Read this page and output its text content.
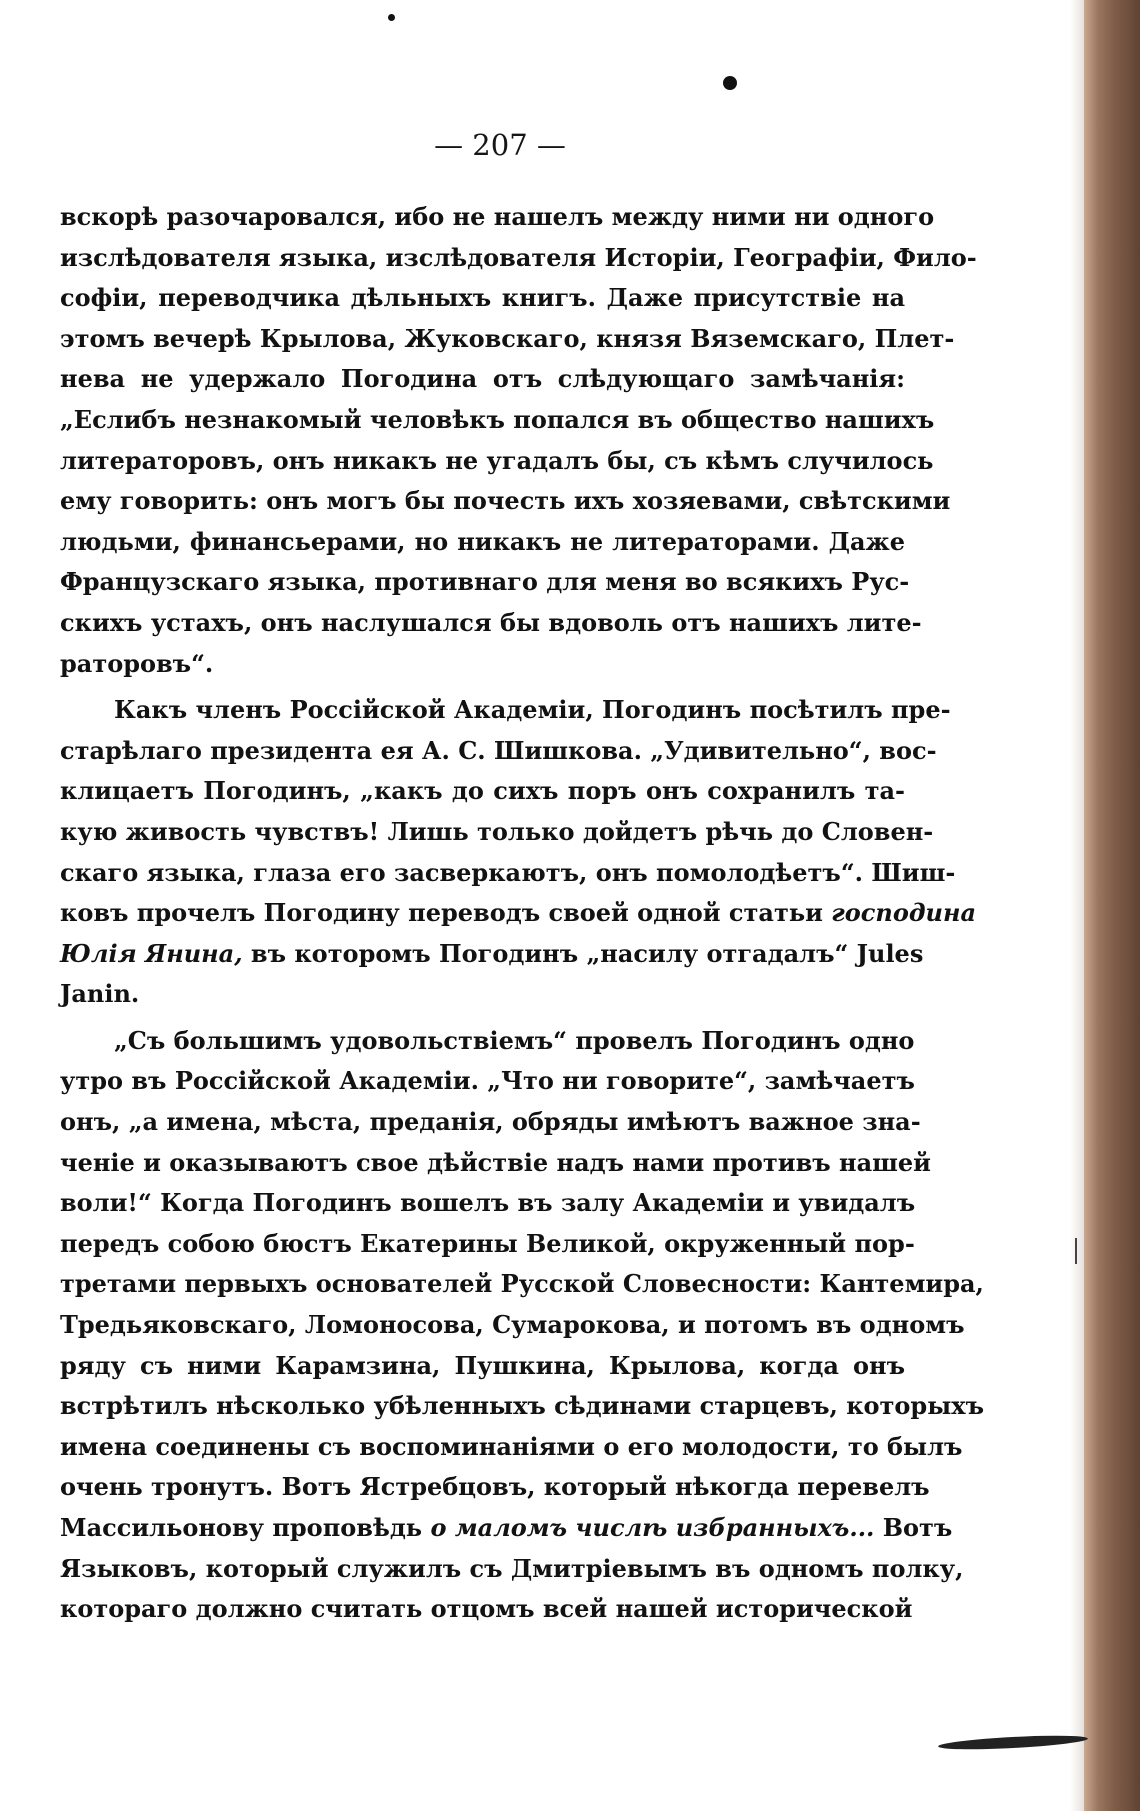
— 207 —
вскорѣ разочаровался, ибо не нашелъ между ними ни одного
изслѣдователя языка, изслѣдователя Исторіи, Географіи, Фило-
софіи, переводчика дѣльныхъ книгъ. Даже присутствіе на
этомъ вечерѣ Крылова, Жуковскаго, князя Вяземскаго, Плет-
нева не удержало Погодина отъ слѣдующаго замѣчанія:
„Еслибъ незнакомый человѣкъ попался въ общество нашихъ
литераторовъ, онъ никакъ не угадалъ бы, съ кѣмъ случилось
ему говорить: онъ могъ бы почесть ихъ хозяевами, свѣтскими
людьми, финансьерами, но никакъ не литераторами. Даже
Французскаго языка, противнаго для меня во всякихъ Рус-
скихъ устахъ, онъ наслушался бы вдоволь отъ нашихъ лите-
раторовъ“.
Какъ членъ Россійской Академіи, Погодинъ посѣтилъ пре-
старѣлаго президента ея А. С. Шишкова. „Удивительно“, вос-
клицаетъ Погодинъ, „какъ до сихъ поръ онъ сохранилъ та-
кую живость чувствъ! Лишь только дойдетъ рѣчь до Словен-
скаго языка, глаза его засверкаютъ, онъ помолодѣетъ“. Шиш-
ковъ прочелъ Погодину переводъ своей одной статьи господина
Юлія Янина, въ которомъ Погодинъ „насилу отгадалъ“ Jules
Janin.
„Съ большимъ удовольствіемъ“ провелъ Погодинъ одно
утро въ Россійской Академіи. „Что ни говорите“, замѣчаетъ
онъ, „а имена, мѣста, преданія, обряды имѣютъ важное зна-
ченіе и оказываютъ свое дѣйствіе надъ нами противъ нашей
воли!“ Когда Погодинъ вошелъ въ залу Академіи и увидалъ
передъ собою бюстъ Екатерины Великой, окруженный пор-
третами первыхъ основателей Русской Словесности: Кантемира,
Тредьяковскаго, Ломоносова, Сумарокова, и потомъ въ одномъ
ряду съ ними Карамзина, Пушкина, Крылова, когда онъ
встрѣтилъ нѣсколько убѣленныхъ сѣдинами старцевъ, которыхъ
имена соединены съ воспоминаніями о его молодости, то былъ
очень тронутъ. Вотъ Ястребцовъ, который нѣкогда перевелъ
Массильонову проповѣдь о маломъ числѣ избранныхъ... Вотъ
Языковъ, который служилъ съ Дмитріевымъ въ одномъ полку,
котораго должно считать отцомъ всей нашей исторической
